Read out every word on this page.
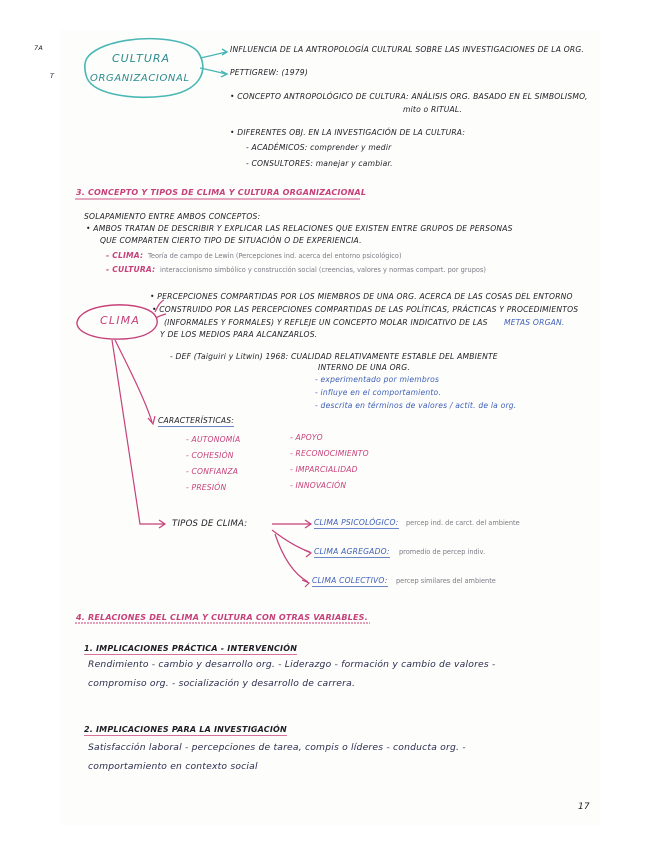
7A
T
CULTURA
ORGANIZACIONAL
INFLUENCIA DE LA ANTROPOLOGÍA CULTURAL SOBRE LAS INVESTIGACIONES DE LA ORG.
PETTIGREW: (1979)
• CONCEPTO ANTROPOLÓGICO DE CULTURA: ANÁLISIS ORG. BASADO EN EL SIMBOLISMO,
mito o RITUAL.
• DIFERENTES OBJ. EN LA INVESTIGACIÓN DE LA CULTURA:
- ACADÉMICOS: comprender y medir
- CONSULTORES: manejar y cambiar.
3. CONCEPTO Y TIPOS DE CLIMA Y CULTURA ORGANIZACIONAL
SOLAPAMIENTO ENTRE AMBOS CONCEPTOS:
• AMBOS TRATAN DE DESCRIBIR Y EXPLICAR LAS RELACIONES QUE EXISTEN ENTRE GRUPOS DE PERSONAS
QUE COMPARTEN CIERTO TIPO DE SITUACIÓN O DE EXPERIENCIA.
- CLIMA: Teoría de campo de Lewin (Percepciones ind. acerca del entorno psicológico)
- CULTURA: interaccionismo simbólico y construcción social (creencias, valores y normas compart. por grupos)
CLIMA
• PERCEPCIONES COMPARTIDAS POR LOS MIEMBROS DE UNA ORG. ACERCA DE LAS COSAS DEL ENTORNO
• CONSTRUIDO POR LAS PERCEPCIONES COMPARTIDAS DE LAS POLÍTICAS, PRÁCTICAS Y PROCEDIMIENTOS
(INFORMALES Y FORMALES) Y REFLEJE UN CONCEPTO MOLAR INDICATIVO DE LAS METAS ORGAN.
Y DE LOS MEDIOS PARA ALCANZARLOS.
- DEF (Taiguiri y Litwin) 1968: CUALIDAD RELATIVAMENTE ESTABLE DEL AMBIENTE
INTERNO DE UNA ORG.
- experimentado por miembros
- influye en el comportamiento.
- descrita en términos de valores / actit. de la org.
CARACTERÍSTICAS:
- AUTONOMÍA
- COHESIÓN
- CONFIANZA
- PRESIÓN
- APOYO
- RECONOCIMIENTO
- IMPARCIALIDAD
- INNOVACIÓN
TIPOS DE CLIMA:	CLIMA PSICOLÓGICO: percep ind. de carct. del ambiente
CLIMA AGREGADO: promedio de percep indiv.
CLIMA COLECTIVO: percep similares del ambiente
4. RELACIONES DEL CLIMA Y CULTURA CON OTRAS VARIABLES.
1. IMPLICACIONES PRÁCTICA - INTERVENCIÓN
Rendimiento - cambio y desarrollo org. - Liderazgo - formación y cambio de valores -
compromiso org. - socialización y desarrollo de carrera.
2. IMPLICACIONES PARA LA INVESTIGACIÓN
Satisfacción laboral - percepciones de tarea, compis o líderes - conducta org. -
comportamiento en contexto social
17
